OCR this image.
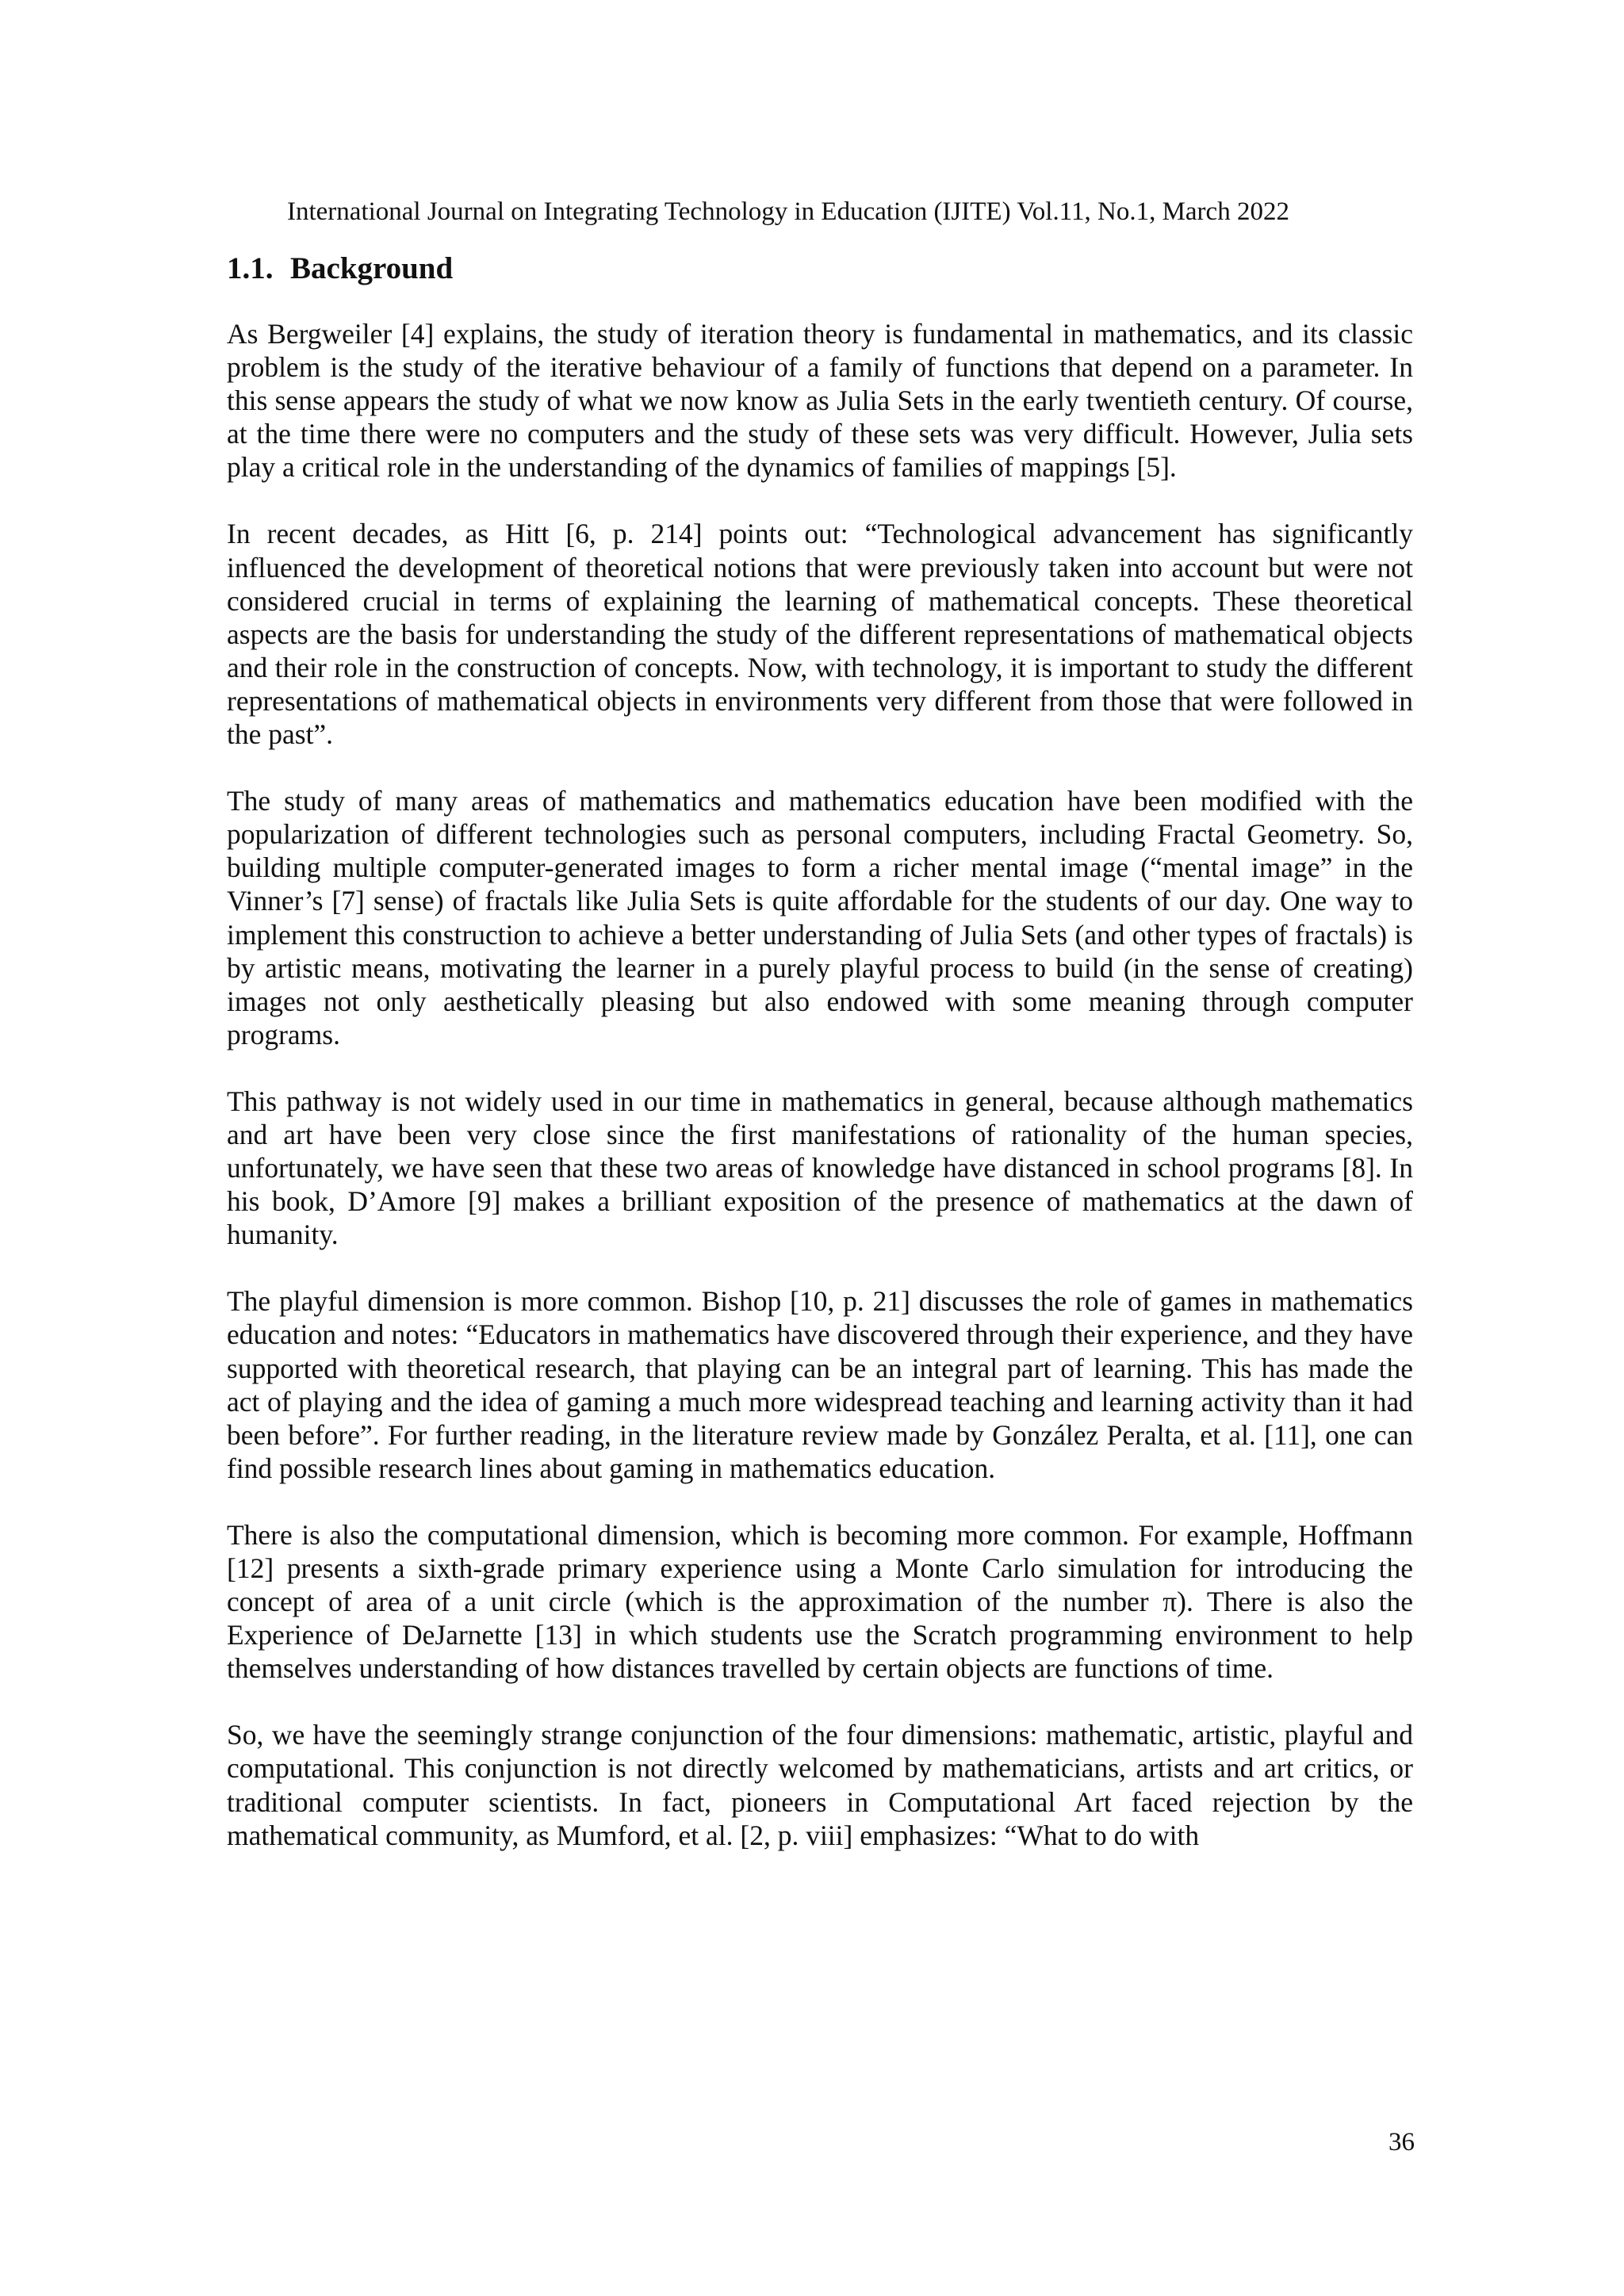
International Journal on Integrating Technology in Education (IJITE) Vol.11, No.1, March 2022
1.1. Background

As Bergweiler [4] explains, the study of iteration theory is fundamental in mathematics, and its classic problem is the study of the iterative behaviour of a family of functions that depend on a parameter. In this sense appears the study of what we now know as Julia Sets in the early twentieth century. Of course, at the time there were no computers and the study of these sets was very difficult. However, Julia sets play a critical role in the understanding of the dynamics of families of mappings [5].

In recent decades, as Hitt [6, p. 214] points out: “Technological advancement has significantly influenced the development of theoretical notions that were previously taken into account but were not considered crucial in terms of explaining the learning of mathematical concepts. These theoretical aspects are the basis for understanding the study of the different representations of mathematical objects and their role in the construction of concepts. Now, with technology, it is important to study the different representations of mathematical objects in environments very different from those that were followed in the past”.

The study of many areas of mathematics and mathematics education have been modified with the popularization of different technologies such as personal computers, including Fractal Geometry. So, building multiple computer-generated images to form a richer mental image (“mental image” in the Vinner’s [7] sense) of fractals like Julia Sets is quite affordable for the students of our day. One way to implement this construction to achieve a better understanding of Julia Sets (and other types of fractals) is by artistic means, motivating the learner in a purely playful process to build (in the sense of creating) images not only aesthetically pleasing but also endowed with some meaning through computer programs.

This pathway is not widely used in our time in mathematics in general, because although mathematics and art have been very close since the first manifestations of rationality of the human species, unfortunately, we have seen that these two areas of knowledge have distanced in school programs [8]. In his book, D’Amore [9] makes a brilliant exposition of the presence of mathematics at the dawn of humanity.

The playful dimension is more common. Bishop [10, p. 21] discusses the role of games in mathematics education and notes: “Educators in mathematics have discovered through their experience, and they have supported with theoretical research, that playing can be an integral part of learning. This has made the act of playing and the idea of gaming a much more widespread teaching and learning activity than it had been before”. For further reading, in the literature review made by González Peralta, et al. [11], one can find possible research lines about gaming in mathematics education.

There is also the computational dimension, which is becoming more common. For example, Hoffmann [12] presents a sixth-grade primary experience using a Monte Carlo simulation for introducing the concept of area of a unit circle (which is the approximation of the number π). There is also the Experience of DeJarnette [13] in which students use the Scratch programming environment to help themselves understanding of how distances travelled by certain objects are functions of time.

So, we have the seemingly strange conjunction of the four dimensions: mathematic, artistic, playful and computational. This conjunction is not directly welcomed by mathematicians, artists and art critics, or traditional computer scientists. In fact, pioneers in Computational Art faced rejection by the mathematical community, as Mumford, et al. [2, p. viii] emphasizes: “What to do with

36
